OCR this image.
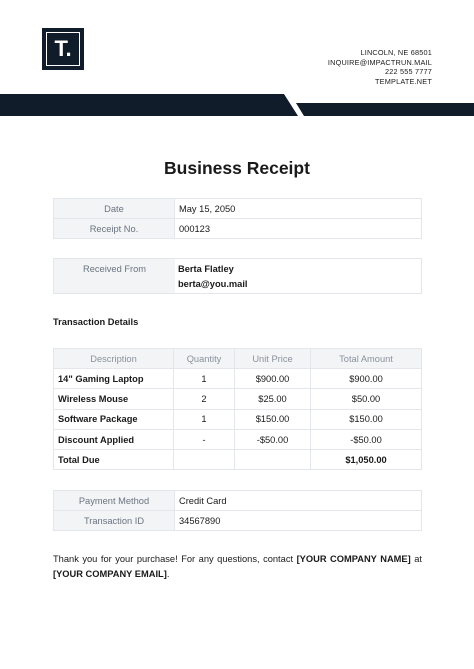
T.	LINCOLN, NE 68501
INQUIRE@IMPACTRUN.MAIL
222 555 7777
TEMPLATE.NET
Business Receipt
Date	May 15, 2050
Receipt No.	000123
Received From	Berta Flatley
berta@you.mail
Transaction Details
Description	Quantity	Unit Price	Total Amount
14" Gaming Laptop	1	$900.00	$900.00
Wireless Mouse	2	$25.00	$50.00
Software Package	1	$150.00	$150.00
Discount Applied	-	-$50.00	-$50.00
Total Due			$1,050.00
Payment Method	Credit Card
Transaction ID	34567890
Thank you for your purchase! For any questions, contact [YOUR COMPANY NAME] at [YOUR COMPANY EMAIL].
